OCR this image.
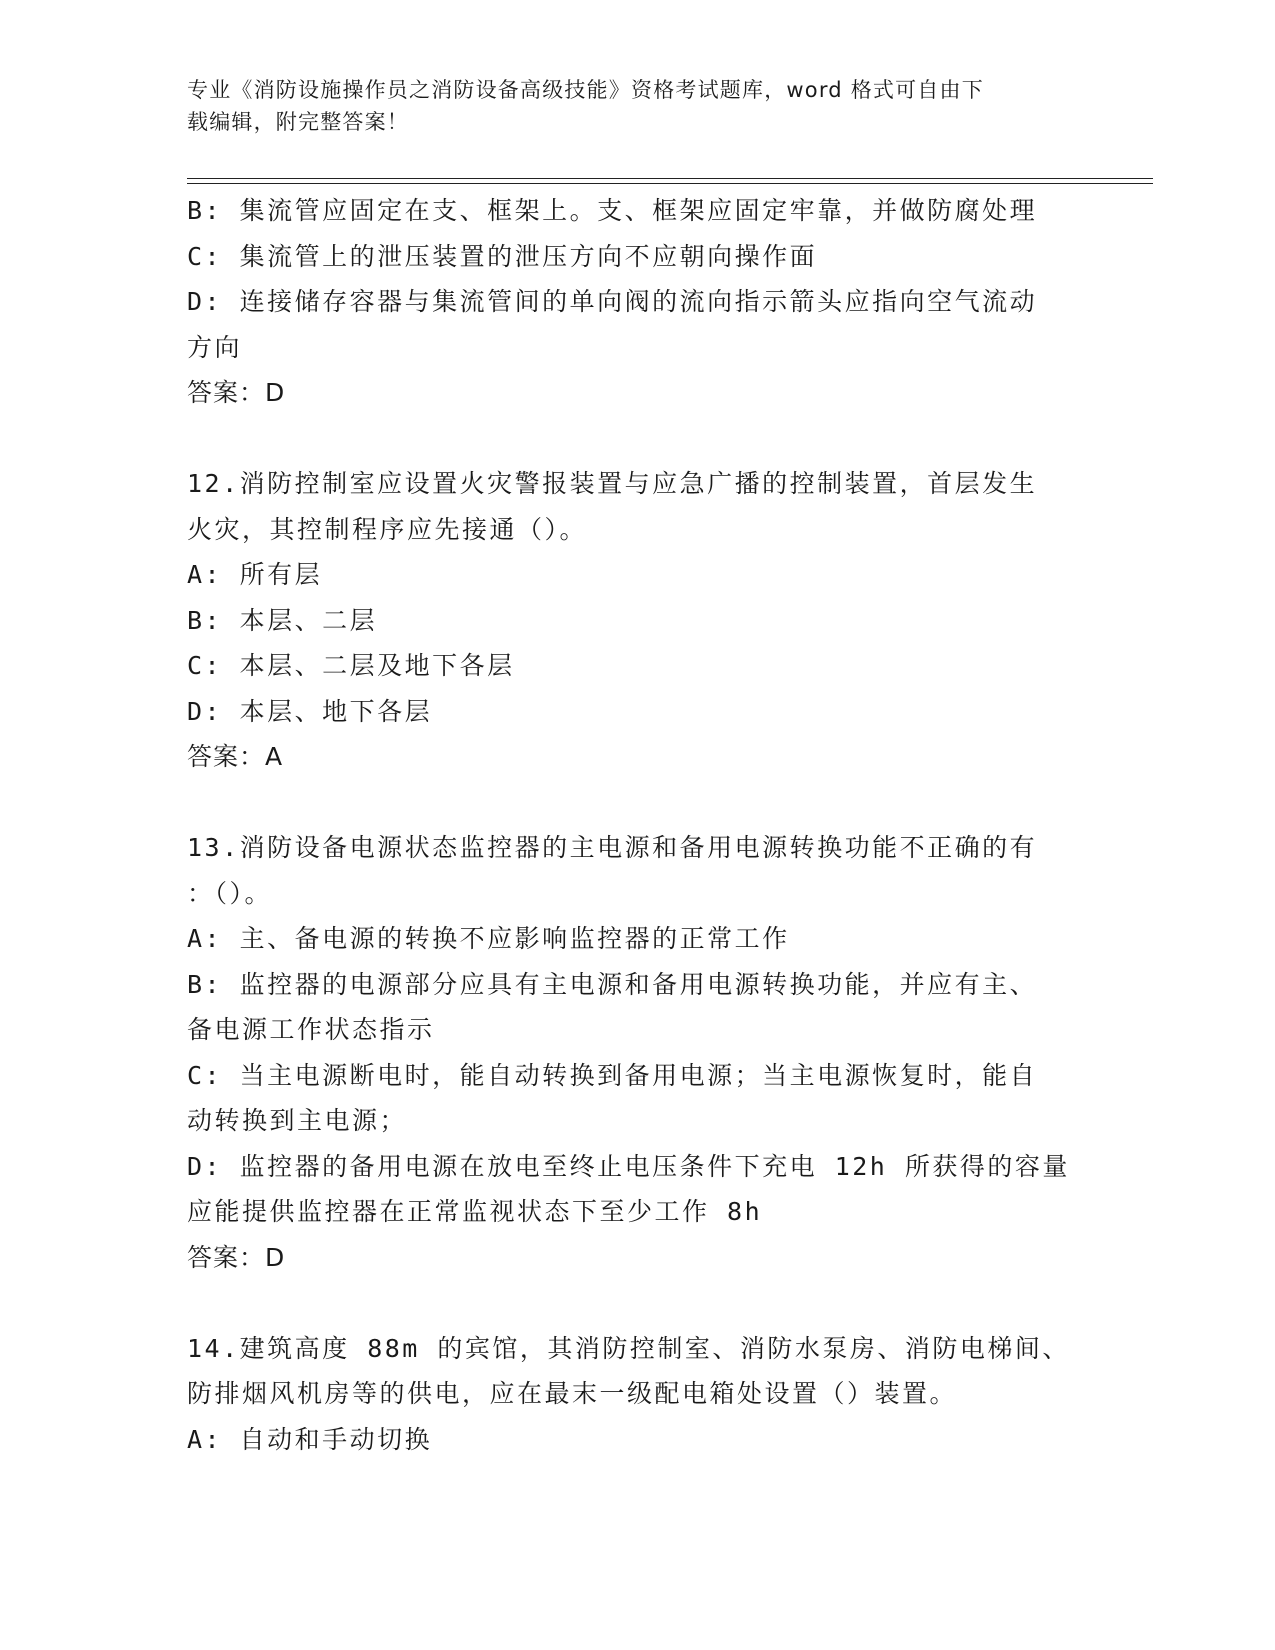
专业《消防设施操作员之消防设备高级技能》资格考试题库，word 格式可自由下
载编辑，附完整答案！
B: 集流管应固定在支、框架上。支、框架应固定牢靠，并做防腐处理
C: 集流管上的泄压装置的泄压方向不应朝向操作面
D: 连接储存容器与集流管间的单向阀的流向指示箭头应指向空气流动
方向
答案：D
12.消防控制室应设置火灾警报装置与应急广播的控制装置，首层发生
火灾，其控制程序应先接通（）。
A: 所有层
B: 本层、二层
C: 本层、二层及地下各层
D: 本层、地下各层
答案：A
13.消防设备电源状态监控器的主电源和备用电源转换功能不正确的有
：（）。
A: 主、备电源的转换不应影响监控器的正常工作
B: 监控器的电源部分应具有主电源和备用电源转换功能，并应有主、
备电源工作状态指示
C: 当主电源断电时，能自动转换到备用电源；当主电源恢复时，能自
动转换到主电源；
D: 监控器的备用电源在放电至终止电压条件下充电 12h 所获得的容量
应能提供监控器在正常监视状态下至少工作 8h
答案：D
14.建筑高度 88m 的宾馆，其消防控制室、消防水泵房、消防电梯间、
防排烟风机房等的供电，应在最末一级配电箱处设置（）装置。
A: 自动和手动切换
